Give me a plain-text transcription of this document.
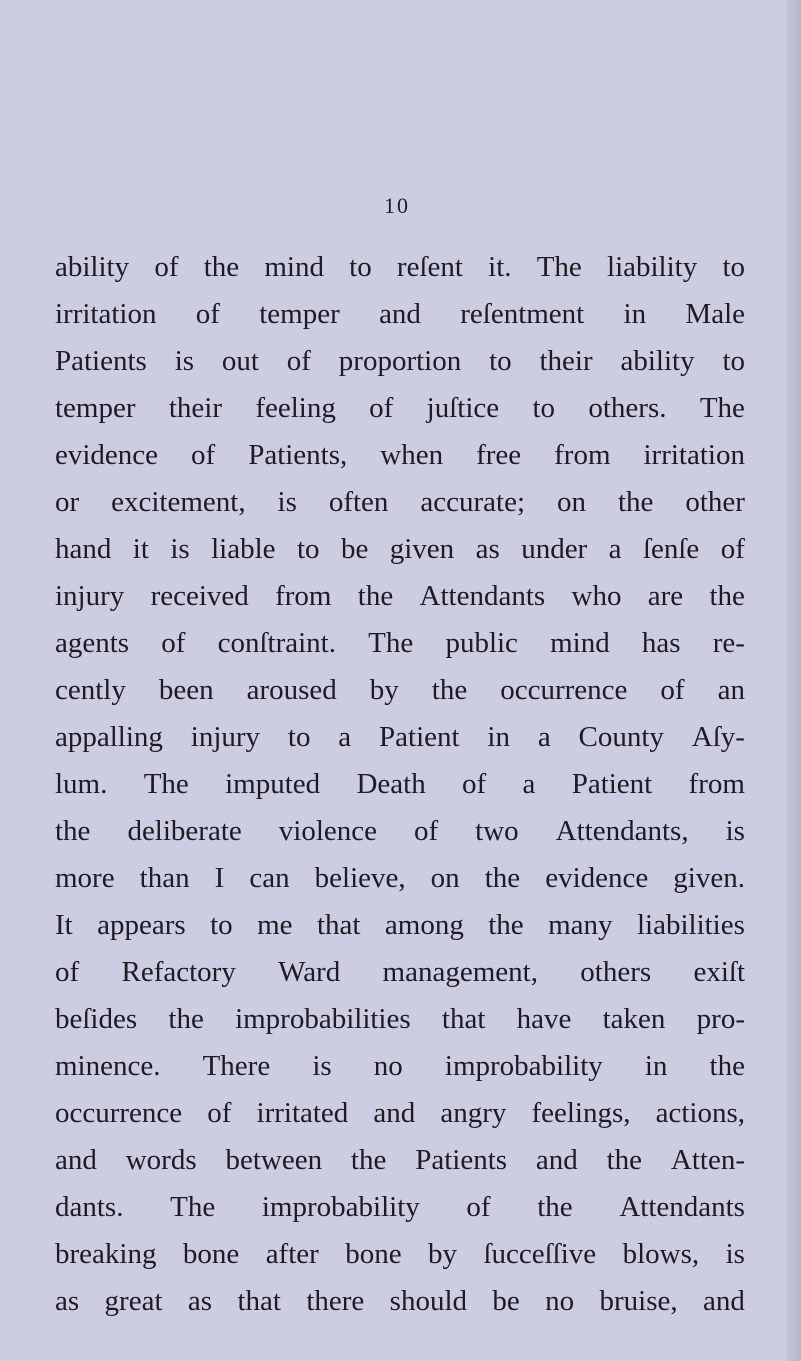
10
ability of the mind to reſent it. The liability to
irritation of temper and reſentment in Male
Patients is out of proportion to their ability to
temper their feeling of juſtice to others. The
evidence of Patients, when free from irritation
or excitement, is often accurate; on the other
hand it is liable to be given as under a ſenſe of
injury received from the Attendants who are the
agents of conſtraint. The public mind has re-
cently been aroused by the occurrence of an
appalling injury to a Patient in a County Aſy-
lum. The imputed Death of a Patient from
the deliberate violence of two Attendants, is
more than I can believe, on the evidence given.
It appears to me that among the many liabilities
of Refactory Ward management, others exiſt
beſides the improbabilities that have taken pro-
minence. There is no improbability in the
occurrence of irritated and angry feelings, actions,
and words between the Patients and the Atten-
dants. The improbability of the Attendants
breaking bone after bone by ſucceſſive blows, is
as great as that there should be no bruise, and
